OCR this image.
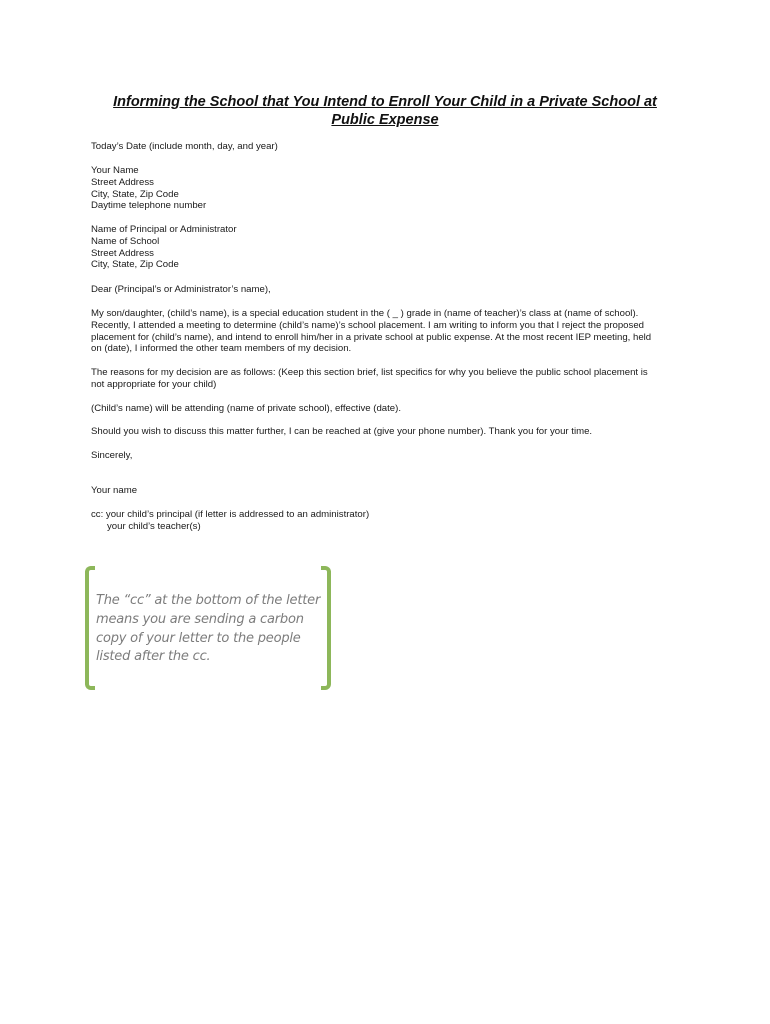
Informing the School that You Intend to Enroll Your Child in a Private School at
Public Expense
Today’s Date (include month, day, and year)
Your Name
Street Address
City, State, Zip Code
Daytime telephone number
Name of Principal or Administrator
Name of School
Street Address
City, State, Zip Code
Dear (Principal’s or Administrator’s name),
My son/daughter, (child’s name), is a special education student in the ( _ ) grade in (name of teacher)’s class at (name of school).
Recently, I attended a meeting to determine (child’s name)’s school placement. I am writing to inform you that I reject the proposed
placement for (child’s name), and intend to enroll him/her in a private school at public expense. At the most recent IEP meeting, held
on (date), I informed the other team members of my decision.
The reasons for my decision are as follows: (Keep this section brief, list specifics for why you believe the public school placement is
not appropriate for your child)
(Child’s name) will be attending (name of private school), effective (date).
Should you wish to discuss this matter further, I can be reached at (give your phone number). Thank you for your time.
Sincerely,
Your name
cc: your child’s principal (if letter is addressed to an administrator)
your child’s teacher(s)
The “cc” at the bottom of the letter
means you are sending a carbon
copy of your letter to the people
listed after the cc.
